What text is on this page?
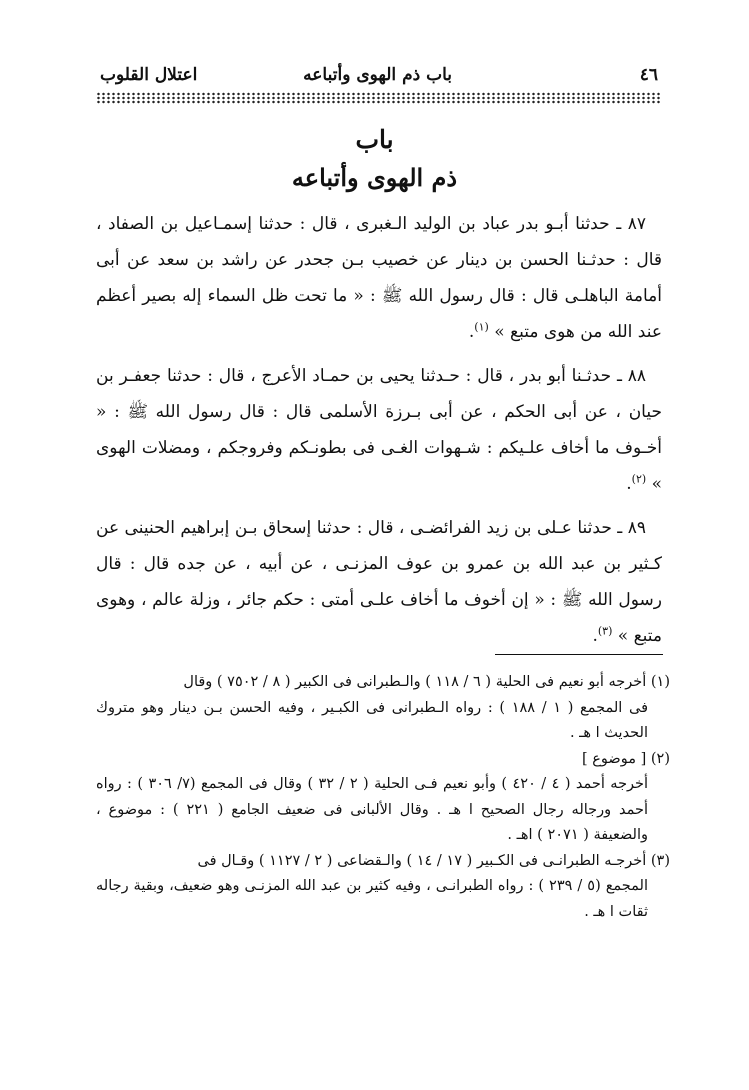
٤٦
باب ذم الهوى وأتباعه
اعتلال القلوب
باب
ذم الهوى وأتباعه

٨٧ ـ حدثنا أبـو بدر عباد بن الوليد الـغبرى ، قال : حدثنا إسمـاعيل بن الصفاد ، قال : حدثـنا الحسن بن دينار عن خصيب بـن جحدر عن راشد بن سعد عن أبى أمامة الباهلـى قال : قال رسول الله ﷺ : « ما تحت ظل السماء إله بصير أعظم عند الله من هوى متبع » $^{(١)}$.

٨٨ ـ حدثـنا أبو بدر ، قال : حـدثنا يحيى بن حمـاد الأعرج ، قال : حدثنا جعفـر بن حيان ، عن أبى الحكم ، عن أبى بـرزة الأسلمى قال : قال رسول الله ﷺ : « أخـوف ما أخاف علـيكم : شـهوات الغـى فى بطونـكم وفروجكم ، ومضلات الهوى » $^{(٢)}$.

٨٩ ـ حدثنا عـلى بن زيد الفرائضـى ، قال : حدثنا إسحاق بـن إبراهيم الحنينى عن كـثير بن عبد الله بن عمرو بن عوف المزنـى ، عن أبيه ، عن جده قال : قال رسول الله ﷺ : « إن أخوف ما أخاف علـى أمتى : حكم جائر ، وزلة عالم ، وهوى متبع » $^{(٣)}$.

(١) أخرجه أبو نعيم فى الحلية ( ٦ / ١١٨ ) والـطبرانى فى الكبير ( ٨ / ٧٥٠٢ ) وقال
فى المجمع ( ١ / ١٨٨ ) : رواه الـطبرانى فى الكبـير ، وفيه الحسن بـن دينار وهو متروك الحديث ا هـ .

(٢) [ موضوع ]
أخرجه أحمد ( ٤ / ٤٢٠ ) وأبو نعيم فـى الحلية ( ٢ / ٣٢ ) وقال فى المجمع (٧/ ٣٠٦ ) : رواه أحمد ورجاله رجال الصحيح ا هـ . وقال الألبانى فى ضعيف الجامع ( ٢٢١ ) : موضوع ، والضعيفة ( ٢٠٧١ ) اهـ .

(٣) أخرجـه الطبرانـى فى الكـبير ( ١٧ / ١٤ ) والـقضاعى ( ٢ / ١١٢٧ ) وقـال فى
المجمع (٥ / ٢٣٩ ) : رواه الطبرانـى ، وفيه كثير بن عبد الله المزنـى وهو ضعيف، وبقية رجاله ثقات ا هـ .
